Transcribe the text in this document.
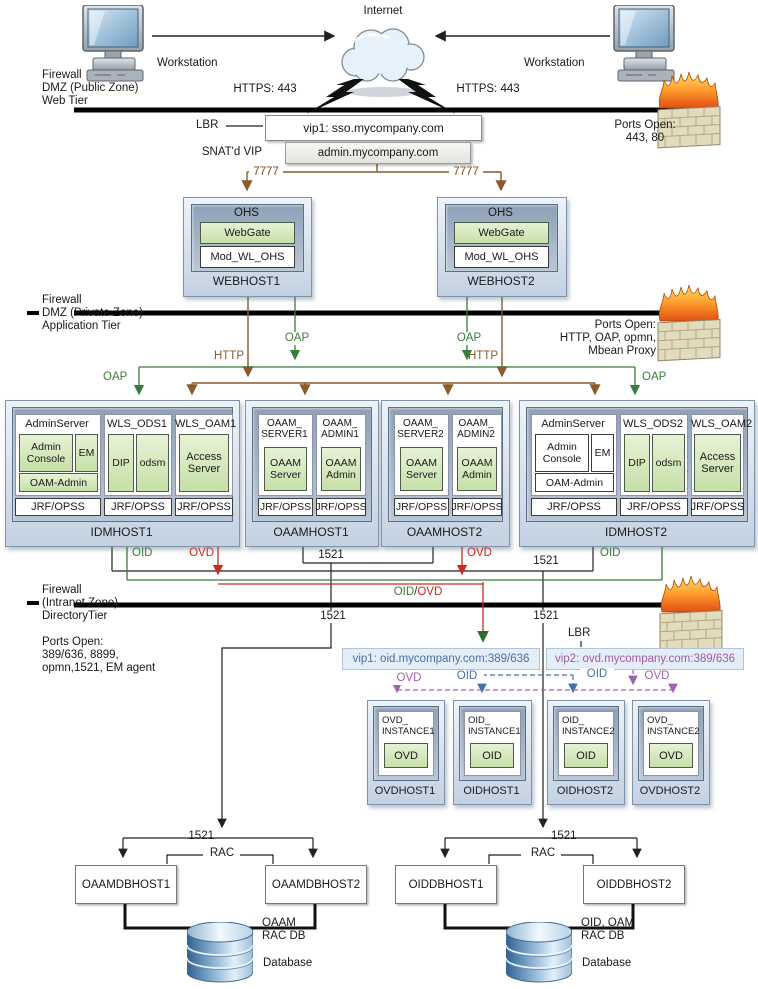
Internet
Workstation	Workstation
Firewall
DMZ (Public Zone)
Web Tier
HTTPS: 443	HTTPS: 443
Ports Open:
443, 80
LBR	vip1: sso.mycompany.com
SNAT'd VIP	admin.mycompany.com
7777	7777
OHS
WebGate
Mod_WL_OHS
WEBHOST1
OHS
WebGate
Mod_WL_OHS
WEBHOST2
Firewall
DMZ (Private Zone)
Application Tier	Ports Open:
HTTP, OAP, opmn,
Mbean Proxy
OAP	OAP
HTTP	HTTP
OAP	OAP
AdminServer	WLS_ODS1 WLS_OAM1
Admin Console	EM
OAM-Admin
DIP odsm	Access Server
JRF/OPSS	JRF/OPSS	JRF/OPSS
IDMHOST1
OAAM_ SERVER1
OAAM_ ADMIN1
OAAM Server
OAAM Admin
JRF/OPSS JRF/OPSS
OAAMHOST1
OAAM_ SERVER2
OAAM_ ADMIN2
OAAM Server
OAAM Admin
JRF/OPSS JRF/OPSS
OAAMHOST2
AdminServer	WLS_ODS2 WLS_OAM2
Admin Console	EM
OAM-Admin
DIP odsm	Access Server
JRF/OPSS	JRF/OPSS JRF/OPSS
IDMHOST2
OID	OVD	1521	OVD
1521
OID
OID/OVD
Firewall
(Intranet Zone)
DirectoryTier
Ports Open:
389/636, 8899,
opmn,1521, EM agent
1521	1521
LBR
vip1: oid.mycompany.com:389/636	vip2: ovd.mycompany.com:389/636
OVD	OID	OID	OVD
OVD_ INSTANCE1
OVD
OVDHOST1
OID_ INSTANCE1
OID
OIDHOST1
OID_ INSTANCE2
OID
OIDHOST2
OVD_ INSTANCE2
OVD
OVDHOST2
1521
RAC
OAAMDBHOST1	OAAMDBHOST2
OAAM RAC DB
Database
1521
RAC
OIDDBHOST1	OIDDBHOST2
OID, OAM RAC DB
Database
